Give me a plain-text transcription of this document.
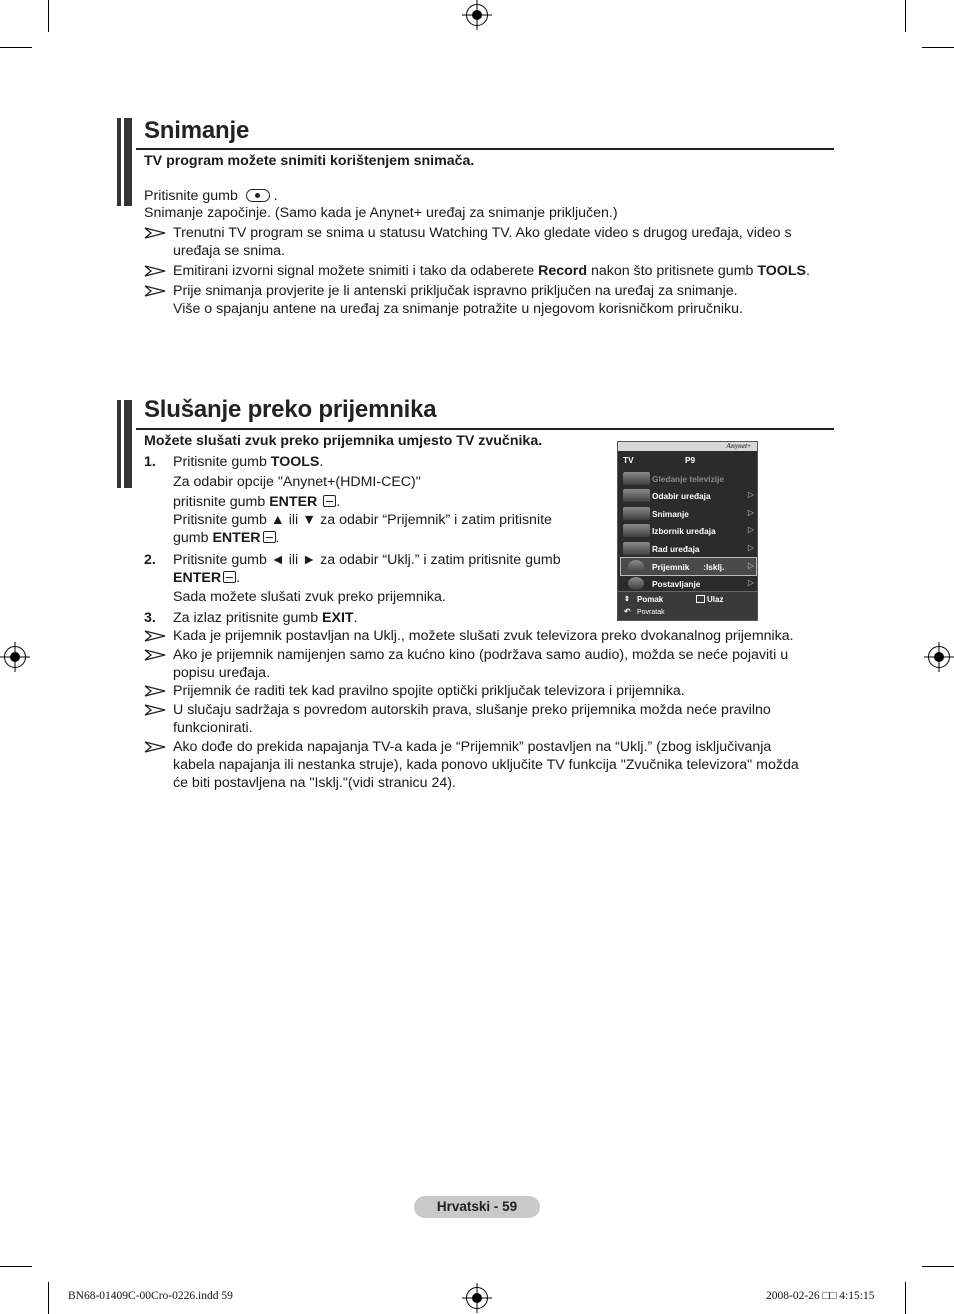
Snimanje
TV program možete snimiti korištenjem snimača.
Pritisnite gumb	.
Snimanje započinje. (Samo kada je Anynet+ uređaj za snimanje priključen.)
Trenutni TV program se snima u statusu Watching TV. Ako gledate video s drugog uređaja, video s
uređaja se snima.
Emitirani izvorni signal možete snimiti i tako da odaberete Record nakon što pritisnete gumb TOOLS.
Prije snimanja provjerite je li antenski priključak ispravno priključen na uređaj za snimanje.
Više o spajanju antene na uređaj za snimanje potražite u njegovom korisničkom priručniku.
Slušanje preko prijemnika
Možete slušati zvuk preko prijemnika umjesto TV zvučnika.
1. Pritisnite gumb TOOLS.
Za odabir opcije "Anynet+(HDMI-CEC)"
pritisnite gumb ENTER .
Pritisnite gumb ▲ ili ▼ za odabir “Prijemnik” i zatim pritisnite
gumb ENTER .
2. Pritisnite gumb ◄ ili ► za odabir “Uklj.” i zatim pritisnite gumb
ENTER .
Sada možete slušati zvuk preko prijemnika.
3. Za izlaz pritisnite gumb EXIT.
Kada je prijemnik postavljan na Uklj., možete slušati zvuk televizora preko dvokanalnog prijemnika.
Ako je prijemnik namijenjen samo za kućno kino (podržava samo audio), možda se neće pojaviti u
popisu uređaja.
Prijemnik će raditi tek kad pravilno spojite optički priključak televizora i prijemnika.
U slučaju sadržaja s povredom autorskih prava, slušanje preko prijemnika možda neće pravilno
funkcionirati.
Ako dođe do prekida napajanja TV-a kada je “Prijemnik” postavljen na “Uklj.” (zbog isključivanja
kabela napajanja ili nestanka struje), kada ponovo uključite TV funkcija "Zvučnika televizora" možda
će biti postavljena na "Isklj."(vidi stranicu 24).
Anynet+
TV	P9
Gledanje televizije
Odabir uređaja	▷
Snimanje	▷
Izbornik uređaja	▷
Rad uređaja	▷
Prijemnik      :Isklj.	▷
Postavljanje	▷
⇕ Pomak	Ulaz
↶ Povratak
Hrvatski - 59
BN68-01409C-00Cro-0226.indd 59	2008-02-26 □□ 4:15:15
